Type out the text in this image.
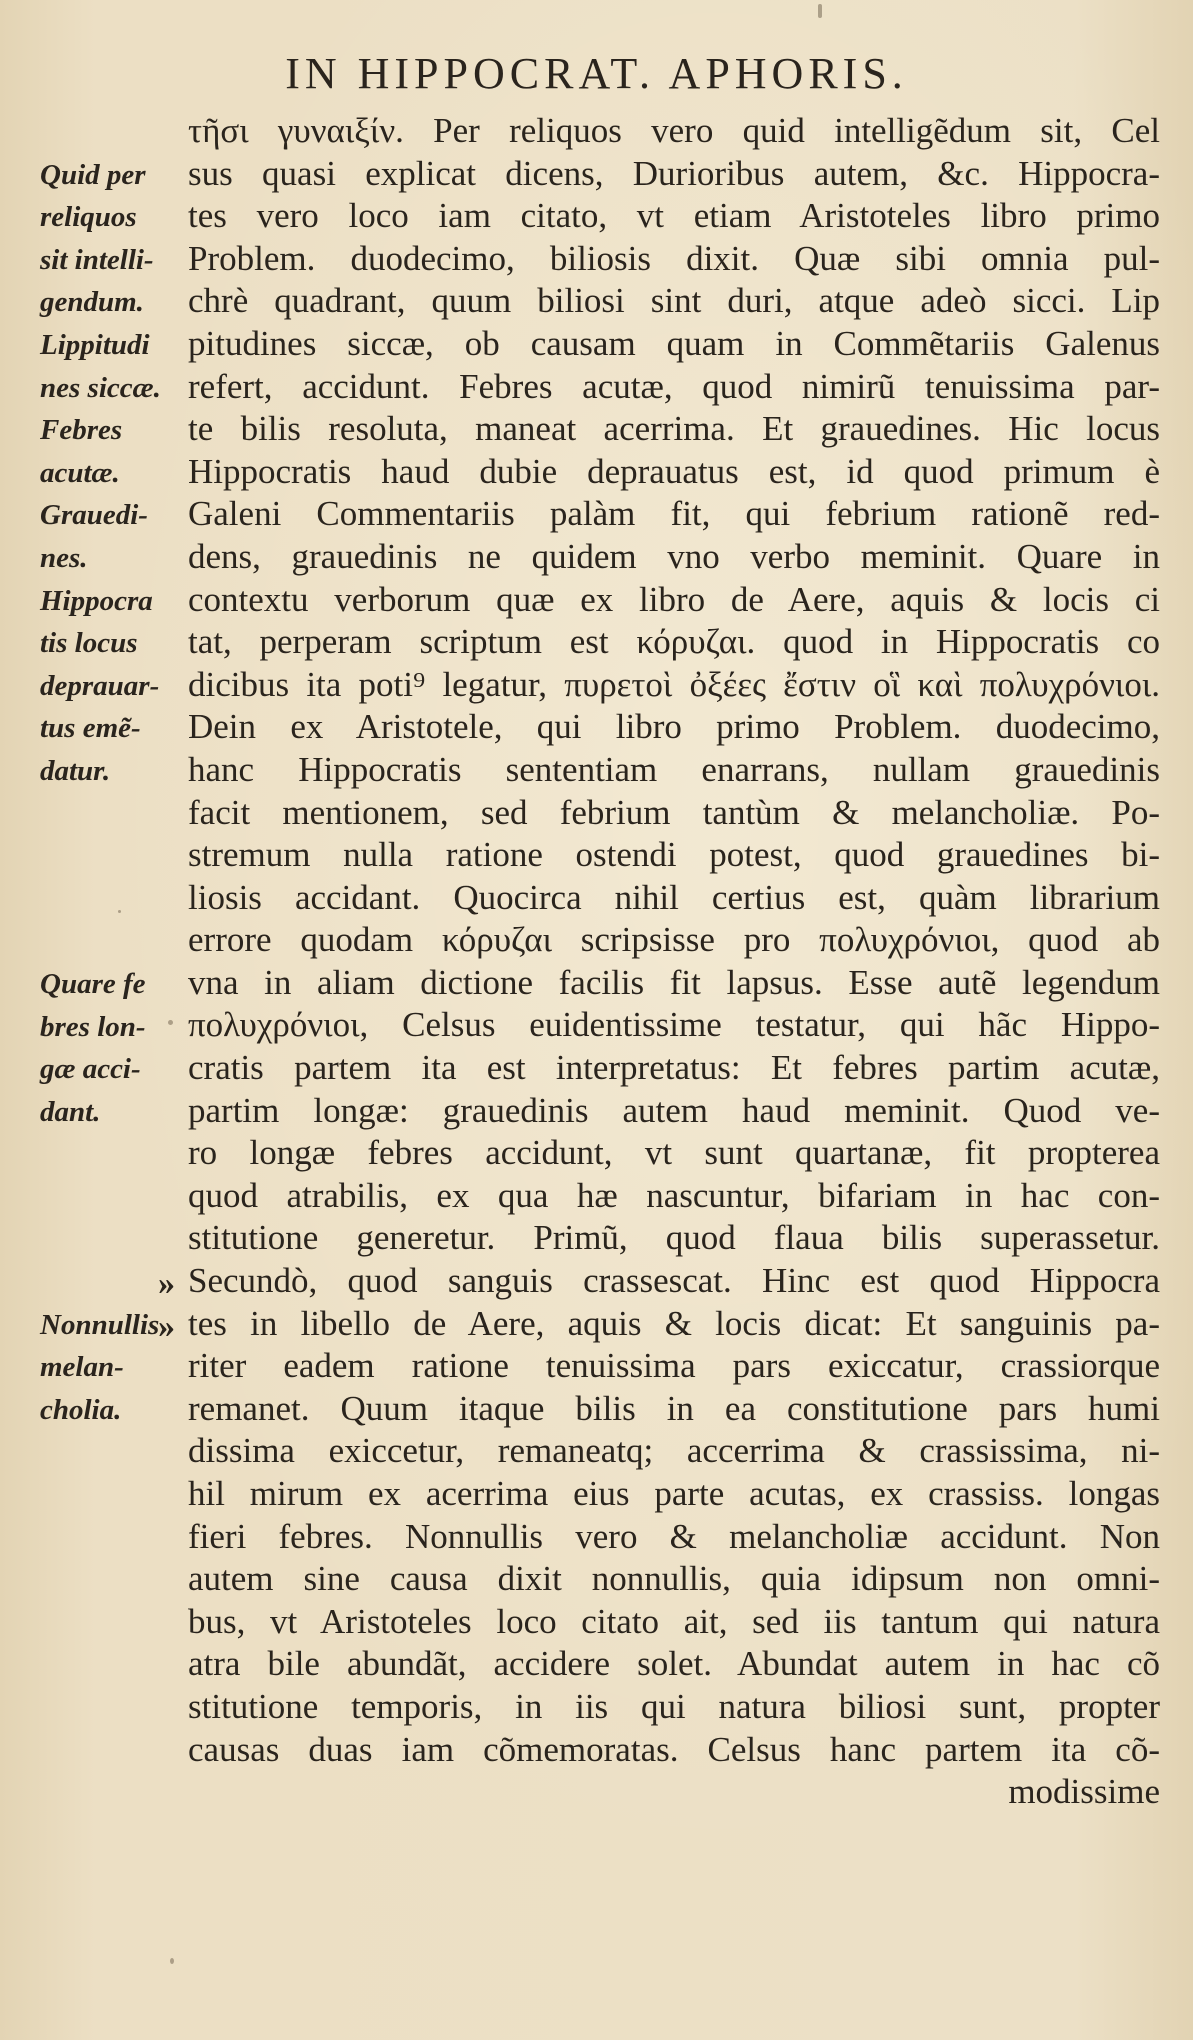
IN HIPPOCRAT. APHORIS.
τῆσι γυναιξίν. Per reliquos vero quid intelligẽdum sit, Cel
sus quasi explicat dicens, Durioribus autem, &c. Hippocra-
tes vero loco iam citato, vt etiam Aristoteles libro primo
Problem. duodecimo, biliosis dixit. Quæ sibi omnia pul-
chrè quadrant, quum biliosi sint duri, atque adeò sicci. Lip
pitudines siccæ, ob causam quam in Commẽtariis Galenus
refert, accidunt. Febres acutæ, quod nimirũ tenuissima par-
te bilis resoluta, maneat acerrima. Et grauedines. Hic locus
Hippocratis haud dubie deprauatus est, id quod primum è
Galeni Commentariis palàm fit, qui febrium rationẽ red-
dens, grauedinis ne quidem vno verbo meminit. Quare in
contextu verborum quæ ex libro de Aere, aquis & locis ci
tat, perperam scriptum est κόρυζαι. quod in Hippocratis co
dicibus ita poti⁹ legatur, πυρετοὶ ὀξέες ἔστιν οἳ καὶ πολυχρόνιοι.
Dein ex Aristotele, qui libro primo Problem. duodecimo,
hanc Hippocratis sententiam enarrans, nullam grauedinis
facit mentionem, sed febrium tantùm & melancholiæ. Po-
stremum nulla ratione ostendi potest, quod grauedines bi-
liosis accidant. Quocirca nihil certius est, quàm librarium
errore quodam κόρυζαι scripsisse pro πολυχρόνιοι, quod ab
vna in aliam dictione facilis fit lapsus. Esse autẽ legendum
πολυχρόνιοι, Celsus euidentissime testatur, qui hãc Hippo-
cratis partem ita est interpretatus: Et febres partim acutæ,
partim longæ: grauedinis autem haud meminit. Quod ve-
ro longæ febres accidunt, vt sunt quartanæ, fit propterea
quod atrabilis, ex qua hæ nascuntur, bifariam in hac con-
stitutione generetur. Primũ, quod flaua bilis superassetur.
Secundò, quod sanguis crassescat. Hinc est quod Hippocra
tes in libello de Aere, aquis & locis dicat: Et sanguinis pa-
riter eadem ratione tenuissima pars exiccatur, crassiorque
remanet. Quum itaque bilis in ea constitutione pars humi
dissima exiccetur, remaneatq; accerrima & crassissima, ni-
hil mirum ex acerrima eius parte acutas, ex crassiss. longas
fieri febres. Nonnullis vero & melancholiæ accidunt. Non
autem sine causa dixit nonnullis, quia idipsum non omni-
bus, vt Aristoteles loco citato ait, sed iis tantum qui natura
atra bile abundãt, accidere solet. Abundat autem in hac cõ
stitutione temporis, in iis qui natura biliosi sunt, propter
causas duas iam cõmemoratas. Celsus hanc partem ita cõ-
modissime
Quid per
reliquos
sit intelli-
gendum.
Lippitudi
nes siccæ.
Febres
acutæ.
Grauedi-
nes.
Hippocra
tis locus
deprauar-
tus emẽ-
datur.
Quare fe
bres lon-
gæ acci-
dant.
Nonnullis
melan-
cholia.
»
»
